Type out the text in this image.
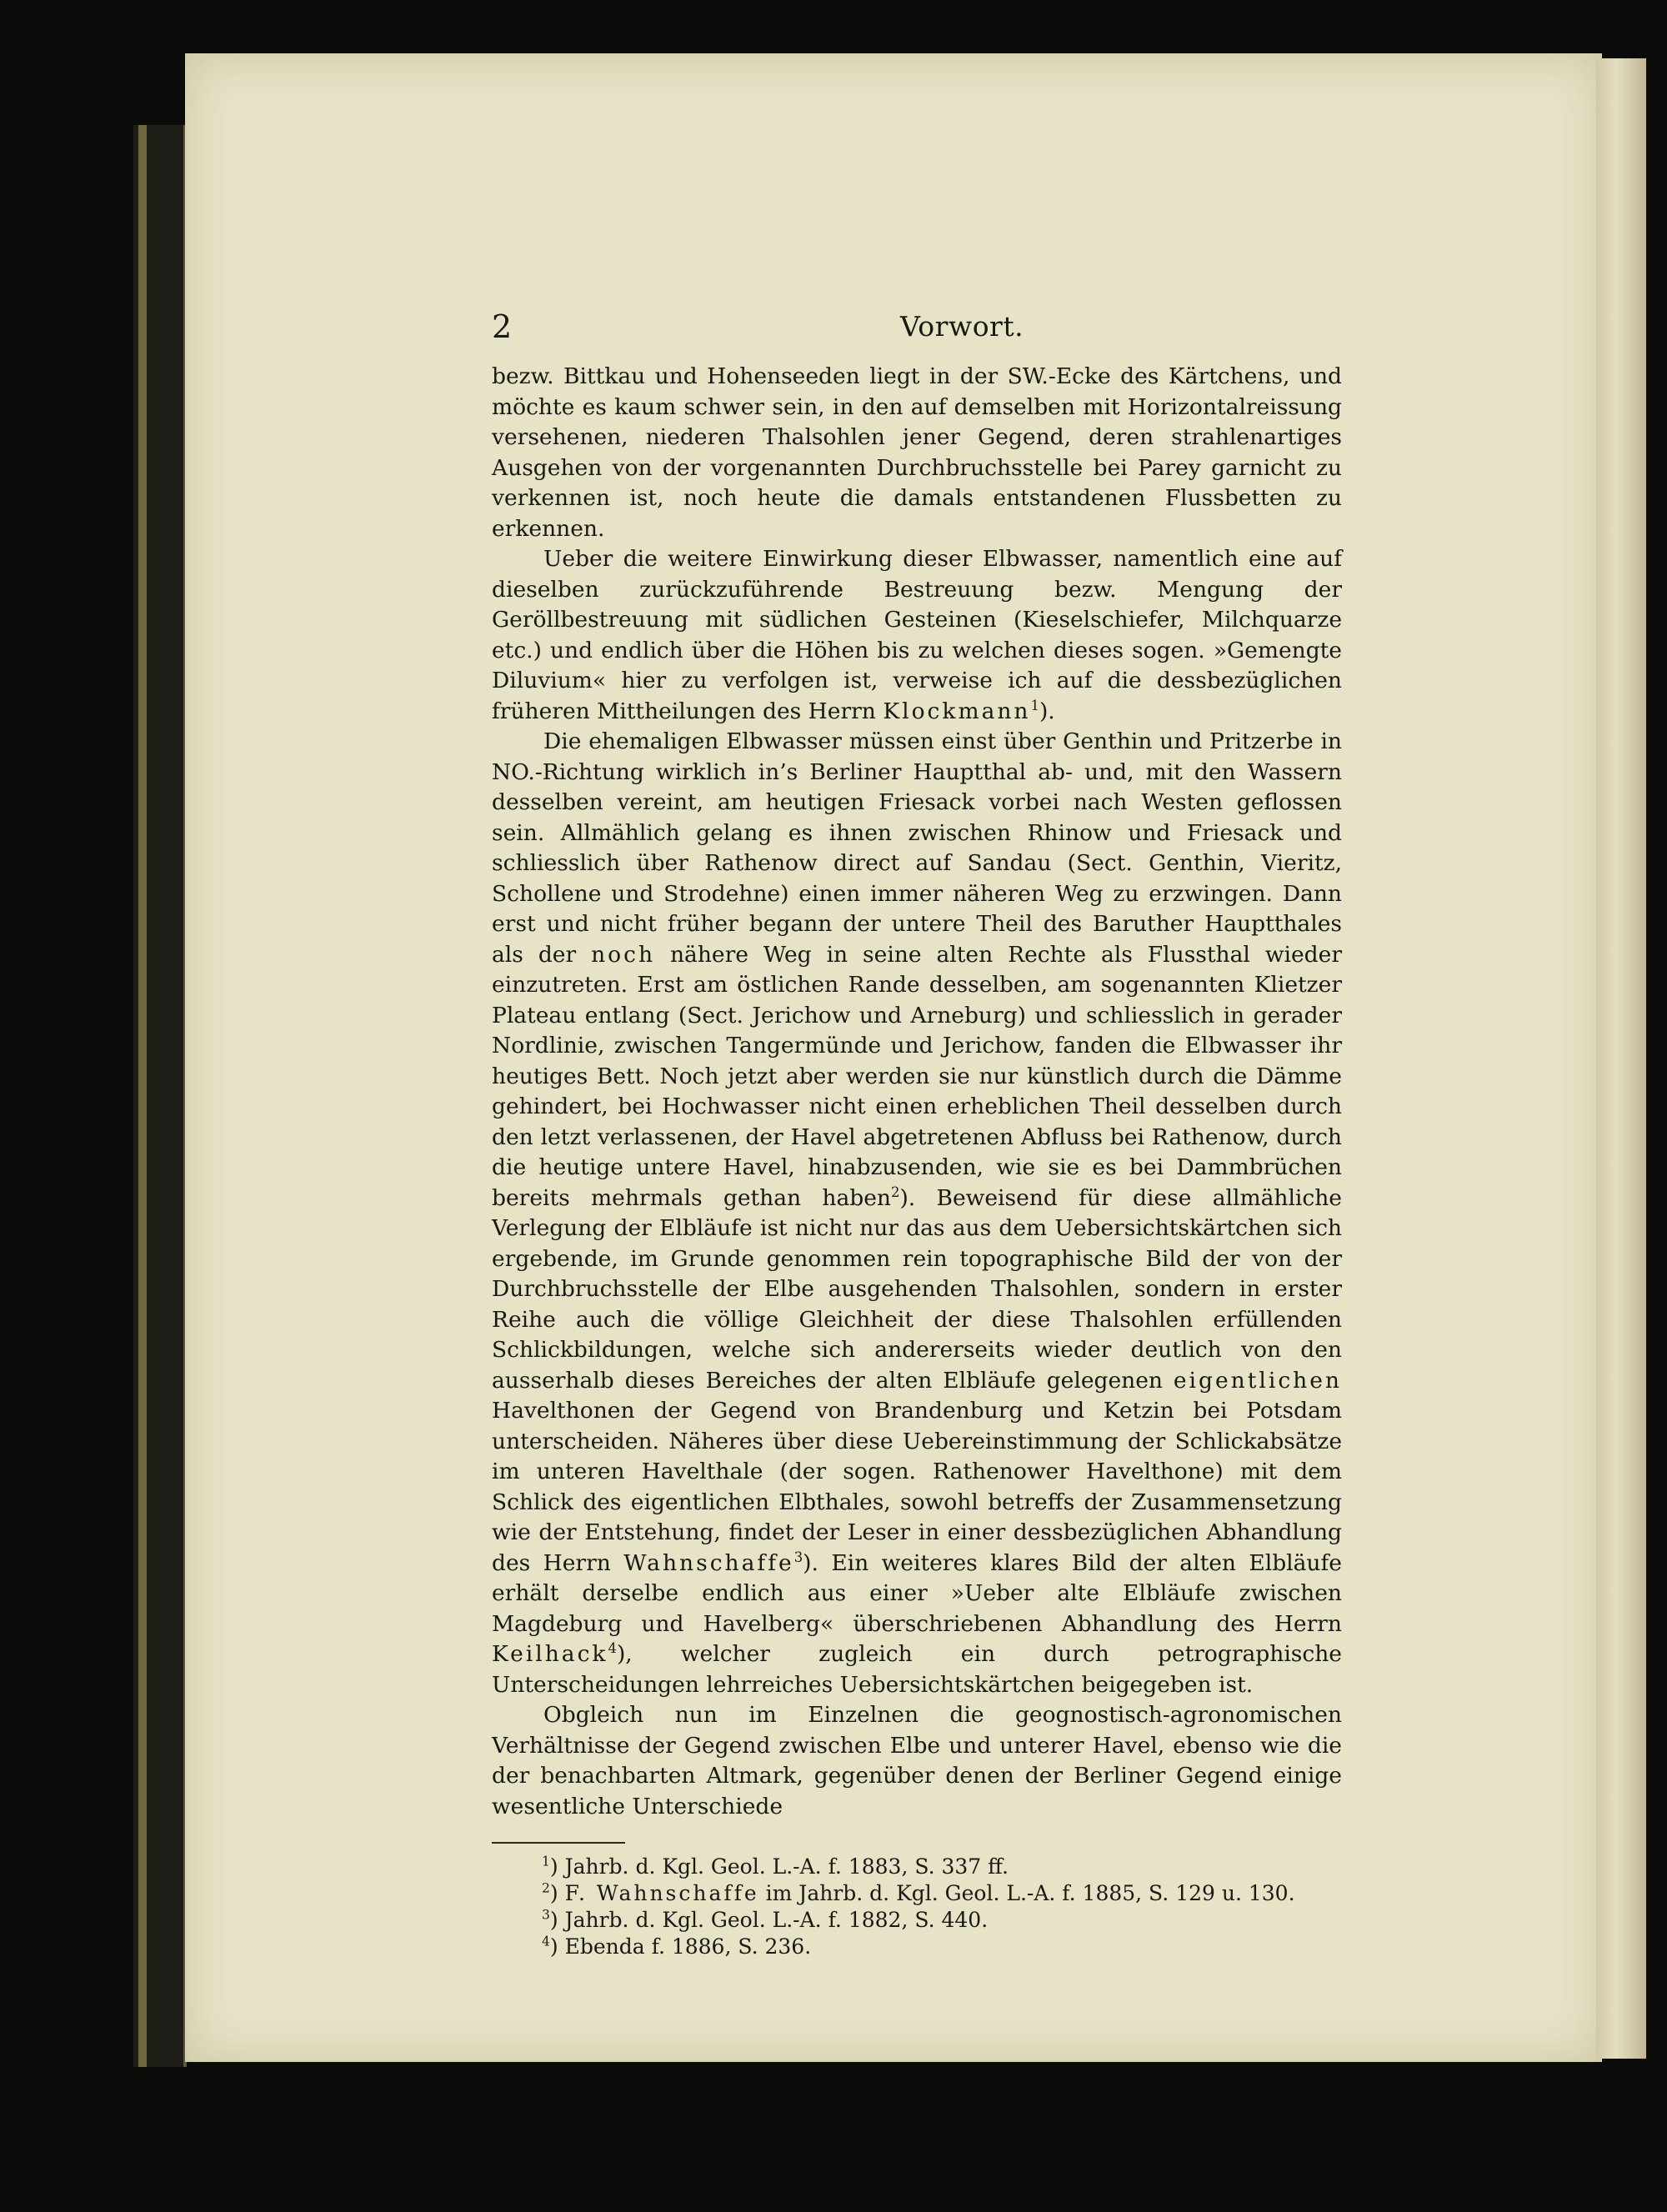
2	Vorwort.

bezw. Bittkau und Hohenseeden liegt in der SW.-Ecke des Kärtchens, und möchte es kaum schwer sein, in den auf demselben mit Horizontalreissung versehenen, niederen Thalsohlen jener Gegend, deren strahlenartiges Ausgehen von der vorgenannten Durchbruchsstelle bei Parey garnicht zu verkennen ist, noch heute die damals entstandenen Flussbetten zu erkennen.

Ueber die weitere Einwirkung dieser Elbwasser, namentlich eine auf dieselben zurückzuführende Bestreuung bezw. Mengung der Geröllbestreuung mit südlichen Gesteinen (Kieselschiefer, Milchquarze etc.) und endlich über die Höhen bis zu welchen dieses sogen. »Gemengte Diluvium« hier zu verfolgen ist, verweise ich auf die dessbezüglichen früheren Mittheilungen des Herrn Klockmann$^1$).

Die ehemaligen Elbwasser müssen einst über Genthin und Pritzerbe in NO.-Richtung wirklich in’s Berliner Hauptthal ab- und, mit den Wassern desselben vereint, am heutigen Friesack vorbei nach Westen geflossen sein. Allmählich gelang es ihnen zwischen Rhinow und Friesack und schliesslich über Rathenow direct auf Sandau (Sect. Genthin, Vieritz, Schollene und Strodehne) einen immer näheren Weg zu erzwingen. Dann erst und nicht früher begann der untere Theil des Baruther Hauptthales als der noch nähere Weg in seine alten Rechte als Flussthal wieder einzutreten. Erst am östlichen Rande desselben, am sogenannten Klietzer Plateau entlang (Sect. Jerichow und Arneburg) und schliesslich in gerader Nordlinie, zwischen Tangermünde und Jerichow, fanden die Elbwasser ihr heutiges Bett. Noch jetzt aber werden sie nur künstlich durch die Dämme gehindert, bei Hochwasser nicht einen erheblichen Theil desselben durch den letzt verlassenen, der Havel abgetretenen Abfluss bei Rathenow, durch die heutige untere Havel, hinabzusenden, wie sie es bei Dammbrüchen bereits mehrmals gethan haben$^2$). Beweisend für diese allmähliche Verlegung der Elbläufe ist nicht nur das aus dem Uebersichtskärtchen sich ergebende, im Grunde genommen rein topographische Bild der von der Durchbruchsstelle der Elbe ausgehenden Thalsohlen, sondern in erster Reihe auch die völlige Gleichheit der diese Thalsohlen erfüllenden Schlickbildungen, welche sich andererseits wieder deutlich von den ausserhalb dieses Bereiches der alten Elbläufe gelegenen eigentlichen Havelthonen der Gegend von Brandenburg und Ketzin bei Potsdam unterscheiden. Näheres über diese Uebereinstimmung der Schlickabsätze im unteren Havelthale (der sogen. Rathenower Havelthone) mit dem Schlick des eigentlichen Elbthales, sowohl betreffs der Zusammensetzung wie der Entstehung, findet der Leser in einer dessbezüglichen Abhandlung des Herrn Wahnschaffe$^3$). Ein weiteres klares Bild der alten Elbläufe erhält derselbe endlich aus einer »Ueber alte Elbläufe zwischen Magdeburg und Havelberg« überschriebenen Abhandlung des Herrn Keilhack$^4$), welcher zugleich ein durch petrographische Unterscheidungen lehrreiches Uebersichtskärtchen beigegeben ist.

Obgleich nun im Einzelnen die geognostisch-agronomischen Verhältnisse der Gegend zwischen Elbe und unterer Havel, ebenso wie die der benachbarten Altmark, gegenüber denen der Berliner Gegend einige wesentliche Unterschiede

$^1$) Jahrb. d. Kgl. Geol. L.-A. f. 1883, S. 337 ff.
$^2$) F. Wahnschaffe im Jahrb. d. Kgl. Geol. L.-A. f. 1885, S. 129 u. 130.
$^3$) Jahrb. d. Kgl. Geol. L.-A. f. 1882, S. 440.
$^4$) Ebenda f. 1886, S. 236.
